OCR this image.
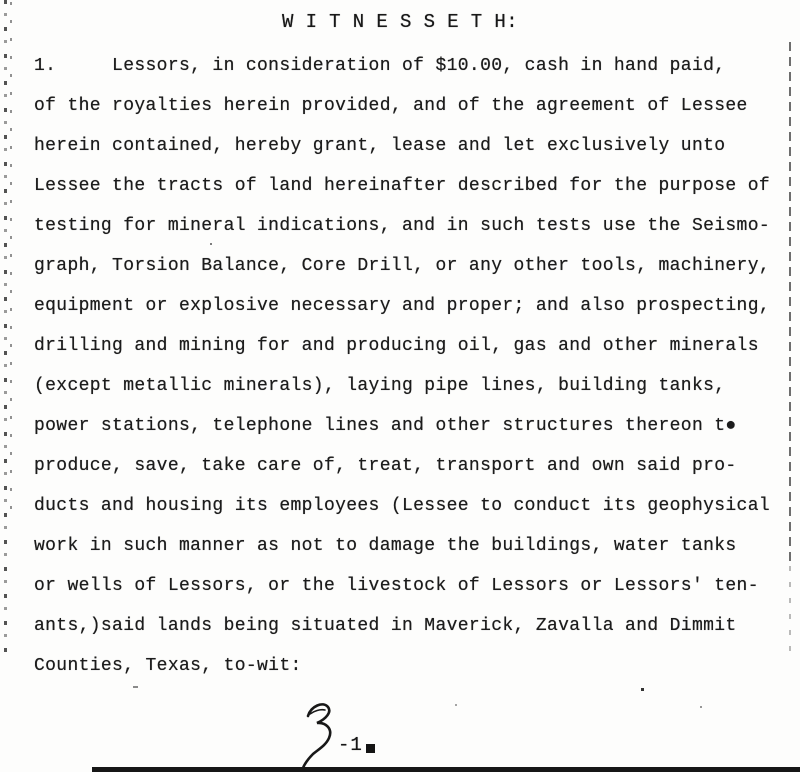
W I T N E S S E T H:
1.     Lessors, in consideration of $10.00, cash in hand paid,
of the royalties herein provided, and of the agreement of Lessee
herein contained, hereby grant, lease and let exclusively unto
Lessee the tracts of land hereinafter described for the purpose of
testing for mineral indications, and in such tests use the Seismo-
graph, Torsion Balance, Core Drill, or any other tools, machinery,
equipment or explosive necessary and proper; and also prospecting,
drilling and mining for and producing oil, gas and other minerals
(except metallic minerals), laying pipe lines, building tanks,
power stations, telephone lines and other structures thereon t●
produce, save, take care of, treat, transport and own said pro-
ducts and housing its employees (Lessee to conduct its geophysical
work in such manner as not to damage the buildings, water tanks
or wells of Lessors, or the livestock of Lessors or Lessors' ten-
ants,)said lands being situated in Maverick, Zavalla and Dimmit
Counties, Texas, to-wit:
-1
